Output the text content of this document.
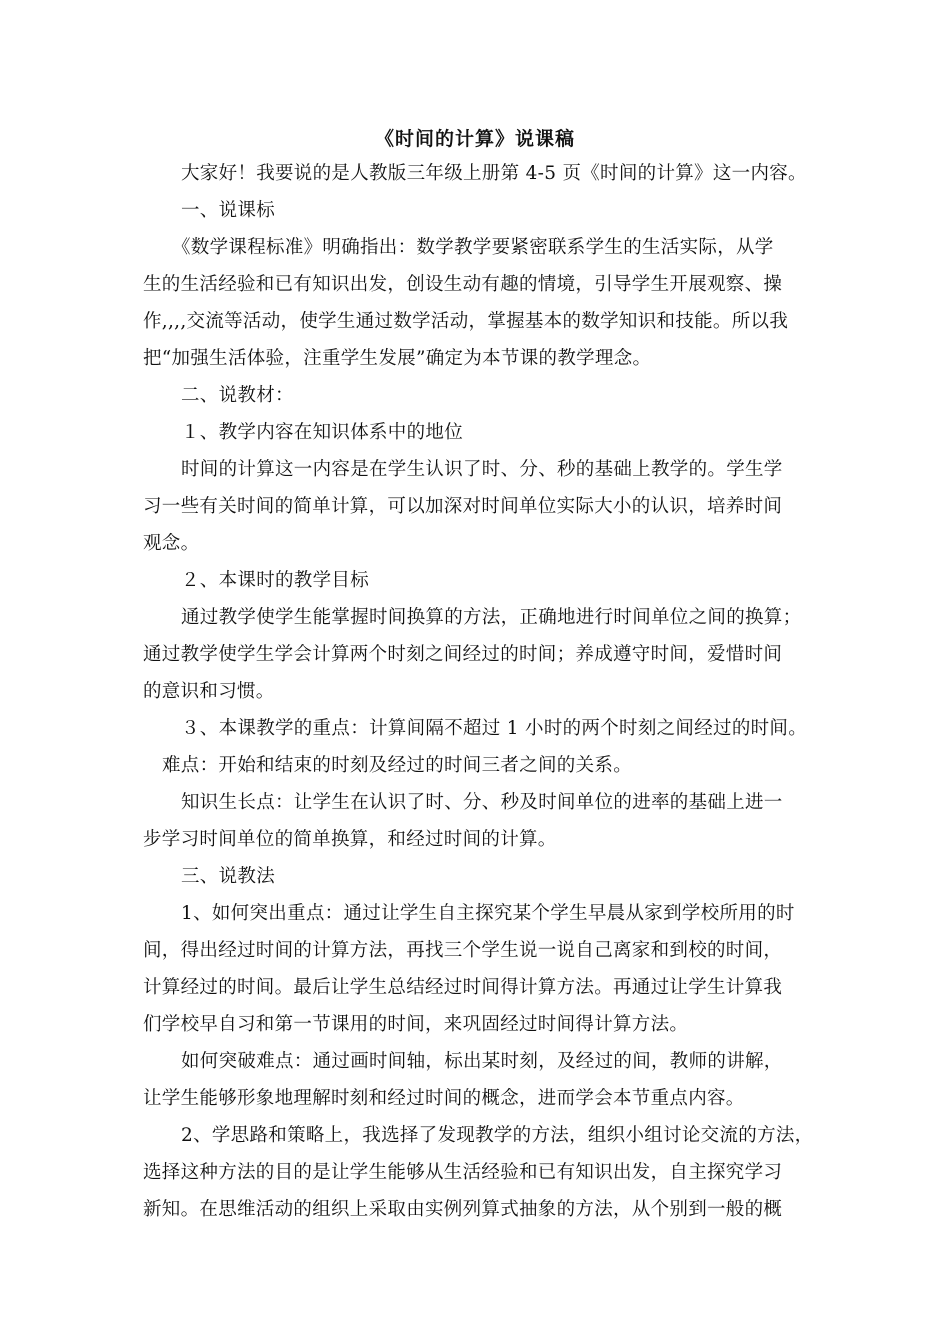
《时间的计算》说课稿
大家好！我要说的是人教版三年级上册第 4-5 页《时间的计算》这一内容。
一、说课标
《数学课程标准》明确指出：数学教学要紧密联系学生的生活实际，从学
生的生活经验和已有知识出发，创设生动有趣的情境，引导学生开展观察、操
作,,,,交流等活动，使学生通过数学活动，掌握基本的数学知识和技能。所以我
把“加强生活体验，注重学生发展”确定为本节课的教学理念。
二、说教材：
１、教学内容在知识体系中的地位
时间的计算这一内容是在学生认识了时、分、秒的基础上教学的。学生学
习一些有关时间的简单计算，可以加深对时间单位实际大小的认识，培养时间
观念。
２、本课时的教学目标
通过教学使学生能掌握时间换算的方法，正确地进行时间单位之间的换算；
通过教学使学生学会计算两个时刻之间经过的时间；养成遵守时间，爱惜时间
的意识和习惯。
３、本课教学的重点：计算间隔不超过 1 小时的两个时刻之间经过的时间。
难点：开始和结束的时刻及经过的时间三者之间的关系。
知识生长点：让学生在认识了时、分、秒及时间单位的进率的基础上进一
步学习时间单位的简单换算，和经过时间的计算。
三、说教法
1、如何突出重点：通过让学生自主探究某个学生早晨从家到学校所用的时
间，得出经过时间的计算方法，再找三个学生说一说自己离家和到校的时间，
计算经过的时间。最后让学生总结经过时间得计算方法。再通过让学生计算我
们学校早自习和第一节课用的时间，来巩固经过时间得计算方法。
如何突破难点：通过画时间轴，标出某时刻，及经过的间，教师的讲解，
让学生能够形象地理解时刻和经过时间的概念，进而学会本节重点内容。
2、学思路和策略上，我选择了发现教学的方法，组织小组讨论交流的方法，
选择这种方法的目的是让学生能够从生活经验和已有知识出发，自主探究学习
新知。在思维活动的组织上采取由实例列算式抽象的方法，从个别到一般的概
